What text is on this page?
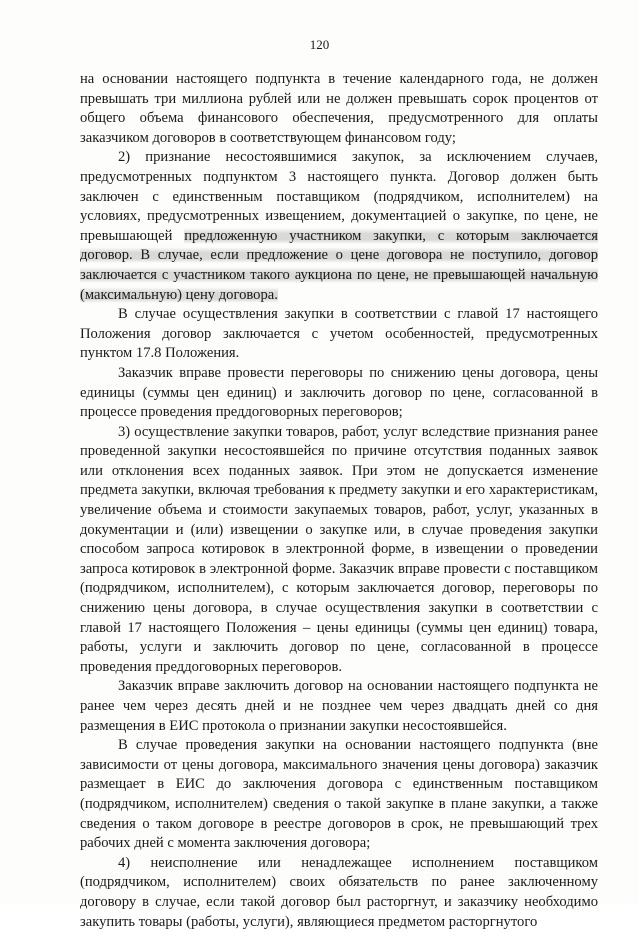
120

на основании настоящего подпункта в течение календарного года, не должен превышать три миллиона рублей или не должен превышать сорок процентов от общего объема финансового обеспечения, предусмотренного для оплаты заказчиком договоров в соответствующем финансовом году;

2) признание несостоявшимися закупок, за исключением случаев, предусмотренных подпунктом 3 настоящего пункта. Договор должен быть заключен с единственным поставщиком (подрядчиком, исполнителем) на условиях, предусмотренных извещением, документацией о закупке, по цене, не превышающей предложенную участником закупки, с которым заключается договор. В случае, если предложение о цене договора не поступило, договор заключается с участником такого аукциона по цене, не превышающей начальную (максимальную) цену договора.

В случае осуществления закупки в соответствии с главой 17 настоящего Положения договор заключается с учетом особенностей, предусмотренных пунктом 17.8 Положения.

Заказчик вправе провести переговоры по снижению цены договора, цены единицы (суммы цен единиц) и заключить договор по цене, согласованной в процессе проведения преддоговорных переговоров;

3) осуществление закупки товаров, работ, услуг вследствие признания ранее проведенной закупки несостоявшейся по причине отсутствия поданных заявок или отклонения всех поданных заявок. При этом не допускается изменение предмета закупки, включая требования к предмету закупки и его характеристикам, увеличение объема и стоимости закупаемых товаров, работ, услуг, указанных в документации и (или) извещении о закупке или, в случае проведения закупки способом запроса котировок в электронной форме, в извещении о проведении запроса котировок в электронной форме. Заказчик вправе провести с поставщиком (подрядчиком, исполнителем), с которым заключается договор, переговоры по снижению цены договора, в случае осуществления закупки в соответствии с главой 17 настоящего Положения – цены единицы (суммы цен единиц) товара, работы, услуги и заключить договор по цене, согласованной в процессе проведения преддоговорных переговоров.

Заказчик вправе заключить договор на основании настоящего подпункта не ранее чем через десять дней и не позднее чем через двадцать дней со дня размещения в ЕИС протокола о признании закупки несостоявшейся.

В случае проведения закупки на основании настоящего подпункта (вне зависимости от цены договора, максимального значения цены договора) заказчик размещает в ЕИС до заключения договора с единственным поставщиком (подрядчиком, исполнителем) сведения о такой закупке в плане закупки, а также сведения о таком договоре в реестре договоров в срок, не превышающий трех рабочих дней с момента заключения договора;

4) неисполнение или ненадлежащее исполнением поставщиком (подрядчиком, исполнителем) своих обязательств по ранее заключенному договору в случае, если такой договор был расторгнут, и заказчику необходимо закупить товары (работы, услуги), являющиеся предметом расторгнутого
